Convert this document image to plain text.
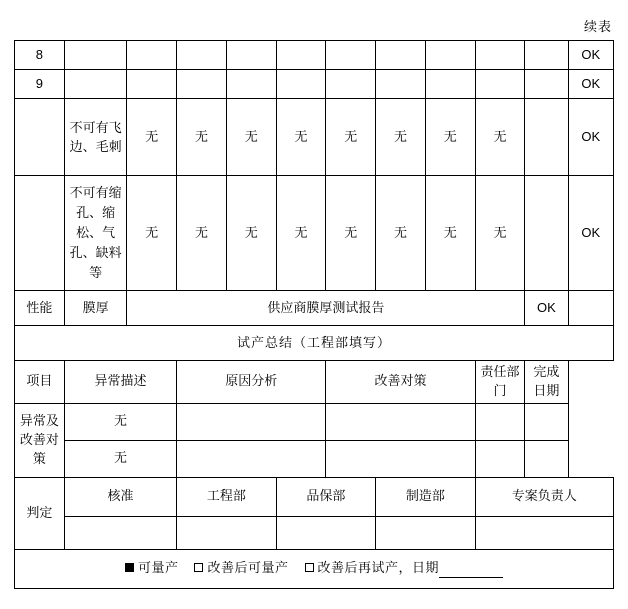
续表
8											OK
9											OK
	不可有飞边、毛刺	无	无	无	无	无	无	无	无		OK
	不可有缩孔、缩松、气孔、缺料等	无	无	无	无	无	无	无	无		OK
性能	膜厚	供应商膜厚测试报告								OK	
试产总结（工程部填写）											
项目	异常描述		原因分析			改善对策			责任部门	完成日期	
异常及改善对策	无										
	无										
判定	核准		工程部		品保部		制造部		专案负责人		

可量产 改善后可量产 改善后再试产，日期											
